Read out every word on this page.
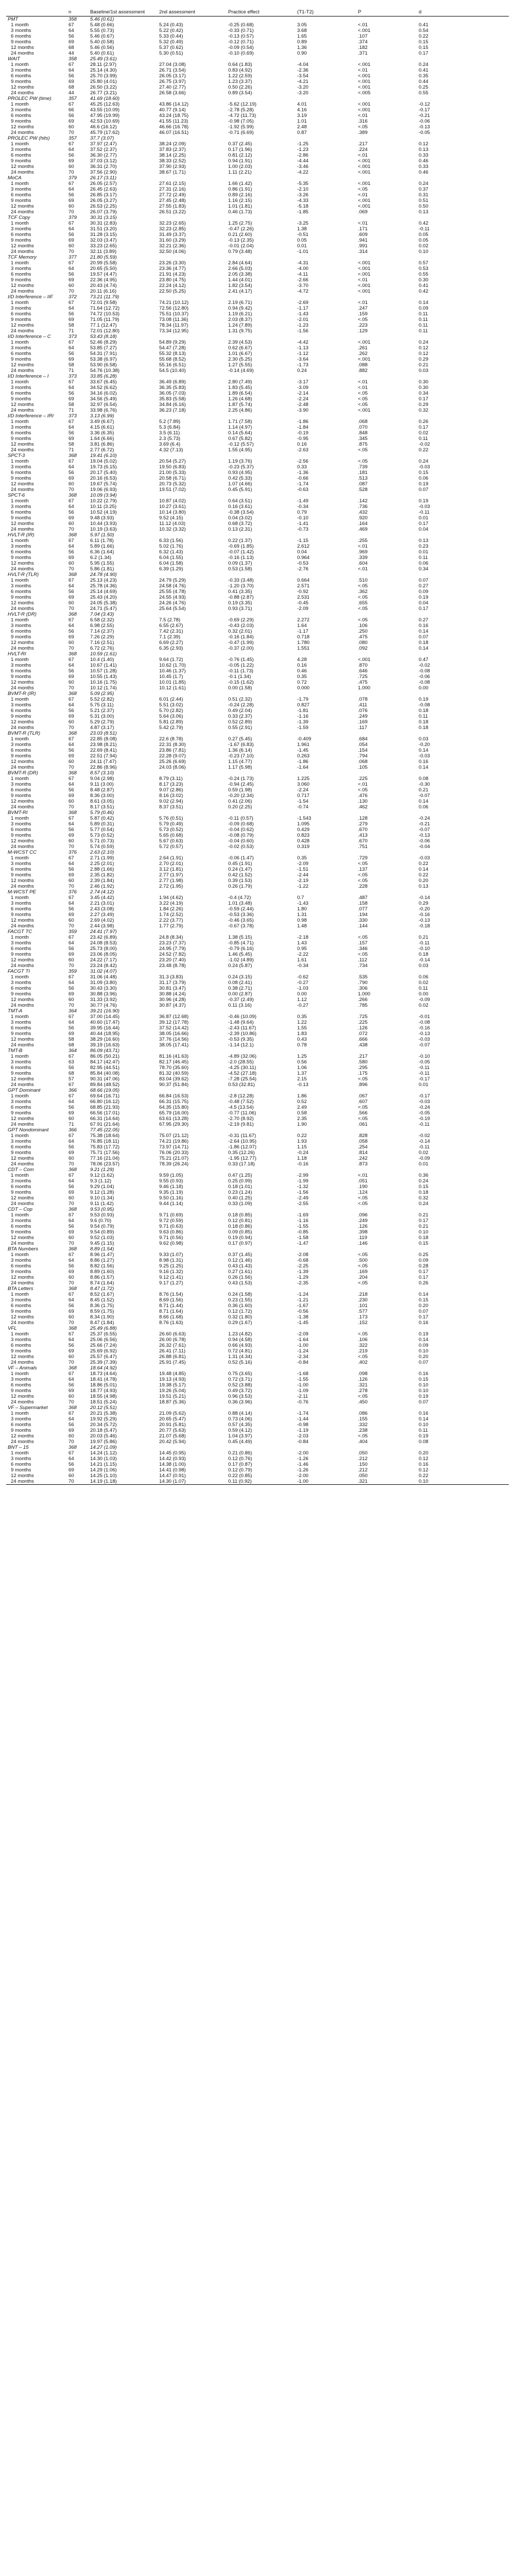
	n	Baseline/1st assessment	2nd assessment	Practice effect	(T1-T2)	P	d
PMT	358	5.46 (0.61)					
1 month	67	5.48 (0.66)	5.24 (0.43)	-0.25 (0.68)	3.05	<.01	0.41
3 months	64	5.55 (0.73)	5.22 (0.42)	-0.33 (0.71)	3.68	<.001	0.54
6 months	56	5.46 (0.67)	5.33 (0.44)	-0.13 (0.57)	1.65	.107	0.22
9 months	69	5.40 (0.58)	5.32 (0.49)	-0.12 (0.71)	0.89	.374	0.15
12 months	68	5.46 (0.56)	5.37 (0.62)	-0.09 (0.54)	1.36	.182	0.15
24 months	44	5.40 (0.61)	5.30 (0.51)	-0.10 (0.69)	0.90	.371	0.17
WAIT	358	25.49 (3.61)					
1 month	67	28.11 (2.97)	27.04 (3.08)	0.64 (1.83)	-4.04	<.001	0.24
3 months	64	25.14 (4.30)	26.71 (3.54)	0.83 (4.92)	-2.36	<.01	0.41
6 months	56	25.70 (3.99)	26.05 (3.17)	1.22 (2.59)	-3.54	<.001	0.35
9 months	69	25.80 (4.01)	26.75 (3.97)	1.23 (3.37)	-4.21	<.001	0.44
12 months	68	26.50 (3.22)	27.40 (2.77)	0.50 (2.26)	-3.20	<.001	0.25
24 months	44	26.77 (3.21)	26.58 (3.66)	0.89 (3.54)	-3.20	<.005	0.55
PROLEC PW (time)	357	41.69 (18.60)					
1 month	67	45.25 (12.63)	43.86 (14.12)	-5.62 (12.19)	4.01	<.001	-0.12
3 months	66	43.55 (10.09)	40.77 (9.14)	-2.78 (5.28)	4.16	<.001	-0.17
6 months	56	47.95 (19.99)	43.24 (18.75)	-4.72 (11.73)	3.19	<.01	-0.21
9 months	69	42.53 (10.69)	41.55 (11.23)	-0.98 (7.05)	1.01	.316	-0.06
12 months	60	46.6 (16.12)	46.66 (16.78)	-1.92 (5.99)	2.48	<.05	-0.13
24 months	70	45.79 (17.62)	46.07 (16.51)	-0.71 (6.69)	0.87	.389	-0.05
PROLEC PW (hits)	357	37.7 (3.07)					
1 month	67	37.97 (2.47)	38.24 (2.09)	0.37 (2.45)	-1.25	.217	0.12
3 months	64	37.52 (2.37)	37.83 (2.37)	0.17 (1.96)	-1.23	.224	0.13
6 months	56	36.30 (2.77)	38.14 (2.25)	0.81 (2.12)	-2.86	<.01	0.33
9 months	69	37.03 (3.12)	38.33 (2.52)	0.94 (1.91)	-4.44	<.001	0.46
12 months	60	36.31 (2.70)	37.90 (2.93)	1.00 (2.03)	-3.46	<.001	0.33
24 months	70	37.56 (2.90)	38.67 (1.71)	1.11 (2.21)	-4.22	<.001	0.46
MoCA	379	26.17 (3.11)					
1 month	67	26.05 (2.57)	27.61 (2.15)	1.66 (1.42)	-5.35	<.001	0.24
3 months	64	26.45 (2.63)	27.31 (2.16)	0.86 (1.91)	-2.10	<.05	0.37
6 months	56	26.85 (3.17)	27.72 (2.49)	0.89 (2.16)	-3.26	<.01	0.31
9 months	69	26.05 (3.27)	27.45 (2.48)	1.16 (2.15)	-4.33	<.001	0.51
12 months	60	26.53 (2.25)	27.55 (1.83)	1.01 (1.81)	-5.18	<.001	0.50
24 months	70	26.07 (3.79)	26.51 (3.22)	0.46 (1.73)	-1.85	.069	0.13
TCF Copy	379	30.31 (3.15)					
1 month	67	30.31 (2.83)	32.23 (2.65)	1.25 (2.75)	-3.25	<.01	0.42
3 months	64	31.51 (3.20)	32.23 (2.85)	-0.47 (2.26)	1.38	.171	-0.11
6 months	56	31.28 (3.15)	31.49 (3.37)	0.21 (2.60)	-0.51	.609	0.05
9 months	69	32.03 (3.47)	31.60 (3.29)	-0.13 (2.35)	0.05	.941	0.05
12 months	60	33.23 (2.65)	32.21 (2.36)	-0.01 (2.04)	0.01	.991	0.02
24 months	70	32.11 (3.89)	32.50 (4.06)	0.79 (3.48)	-1.01	.314	0.10
TCF Memory	377	21.80 (5.59)					
1 month	67	20.99 (5.58)	23.26 (3.30)	2.84 (4.64)	-4.31	<.001	0.57
3 months	64	20.65 (5.50)	23.36 (4.77)	2.66 (5.03)	-4.00	<.001	0.53
6 months	56	19.57 (4.47)	21.91 (4.23)	2.05 (3.38)	-4.11	<.001	0.55
9 months	69	22.36 (4.95)	23.80 (4.75)	1.44 (4.01)	-2.66	<.01	0.30
12 months	60	20.43 (4.74)	22.24 (4.12)	1.82 (3.54)	-3.70	<.001	0.41
24 months	70	20.11 (6.16)	22.50 (5.25)	2.41 (4.17)	-4.72	<.001	0.42
I/D Interference – IIF	372	73.21 (11.79)					
1 month	67	72.01 (9.58)	74.21 (10.12)	2.19 (6.71)	-2.69	<.01	0.14
3 months	64	71.64 (12.72)	72.56 (12.80)	0.94 (9.42)	-1.17	.247	0.09
6 months	56	74.72 (10.53)	75.51 (10.37)	1.19 (6.21)	-1.43	.159	0.11
9 months	69	71.05 (11.79)	73.08 (11.36)	2.03 (8.37)	-2.01	<.05	0.11
12 months	58	77.1 (12.47)	78.34 (11.97)	1.24 (7.89)	-1.23	.223	0.11
24 months	71	72.01 (12.80)	73.34 (12.95)	1.31 (9.75)	-1.56	.129	0.11
I/D Interference – C	373	53.43 (8.18)					
1 month	67	52.46 (8.29)	54.89 (9.29)	2.39 (4.53)	-4.42	<.001	0.24
3 months	64	53.85 (7.27)	54.47 (7.28)	0.62 (6.67)	-1.13	.261	0.12
6 months	56	54.31 (7.91)	55.32 (8.13)	1.01 (6.67)	-1.12	.262	0.12
9 months	69	53.38 (6.97)	55.68 (8.52)	2.30 (5.25)	-3.64	<.001	0.29
12 months	58	53.90 (6.58)	55.16 (6.51)	1.27 (5.55)	-1.73	.088	0.21
24 months	71	54.76 (10.38)	54.5 (10.40)	-0.14 (4.69)	0.24	.882	0.03
I/D Interference – I	373	33.85 (6.28)					
1 month	67	33.67 (6.45)	36.49 (6.89)	2.80 (7.49)	-3.17	<.01	0.30
3 months	64	34.52 (6.62)	36.35 (5.83)	1.83 (5.45)	-3.09	<.01	0.30
6 months	56	34.16 (6.02)	36.05 (7.03)	1.89 (6.54)	-2.14	<.05	0.34
9 months	69	34.56 (5.49)	35.83 (5.58)	1.26 (4.68)	-2.24	<.05	0.17
12 months	58	32.97 (6.54)	34.84 (6.16)	1.87 (5.74)	-2.48	<.05	0.29
24 months	71	33.98 (6.76)	36.23 (7.18)	2.25 (4.86)	-3.90	<.001	0.32
I/D Interference – IRI	373	3.13 (6.99)					
1 month	67	3.49 (6.67)	5.2 (7.89)	1.71 (7.58)	-1.86	.068	0.26
3 months	64	4.15 (6.61)	5.3 (6.84)	1.14 (4.97)	-1.84	.070	0.17
6 months	56	3.36 (6.35)	3.5 (6.11)	0.14 (5.64)	-0.19	.848	0.02
9 months	69	1.64 (6.66)	2.3 (5.73)	0.67 (5.82)	-0.95	.345	0.11
12 months	58	3.81 (6.86)	3.69 (6.4)	-0.12 (5.57)	0.16	.875	-0.02
24 months	71	2.77 (6.72)	4.32 (7.13)	1.55 (4.95)	-2.63	<.05	0.22
SPCT-3	368	19.41 (6.10)					
1 month	67	19.04 (5.02)	20.54 (5.27)	1.19 (3.76)	-2.56	<.05	0.24
3 months	64	19.73 (6.15)	19.50 (6.83)	-0.23 (5.37)	0.33	.739	-0.03
6 months	56	20.17 (5.40)	21.00 (5.33)	0.93 (4.95)	-1.36	.181	0.15
9 months	69	20.16 (6.53)	20.58 (6.71)	0.42 (5.33)	-0.66	.513	0.06
12 months	60	19.67 (5.74)	20.73 (5.32)	1.07 (4.66)	-1.74	.087	0.19
24 months	70	19.06 (6.93)	19.51 (7.02)	0.45 (5.91)	-0.63	.528	0.07
SPCT-6	368	10.09 (3.94)					
1 month	67	10.22 (2.79)	10.87 (4.02)	0.64 (3.51)	-1.49	.142	0.19
3 months	64	10.11 (3.25)	10.27 (3.61)	0.16 (3.61)	-0.34	.736	-0.03
6 months	56	10.52 (4.19)	10.14 (3.80)	-0.38 (3.54)	0.79	.432	-0.11
9 months	69	9.48 (3.93)	9.52 (4.15)	0.04 (3.02)	-0.10	.920	0.01
12 months	60	10.44 (3.93)	11.12 (4.03)	0.68 (3.72)	-1.41	.164	0.17
24 months	70	10.19 (3.63)	10.32 (3.32)	0.13 (2.31)	-0.73	.469	0.04
HVLT-R (IR)	368	5.97 (1.50)					
1 month	67	6.11 (1.78)	6.33 (1.56)	0.22 (1.37)	-1.15	.255	0.13
3 months	64	5.89 (1.66)	5.02 (1.76)	-0.69 (1.85)	2.612	<.01	0.23
6 months	56	6.36 (1.64)	6.32 (1.43)	-0.07 (1.42)	0.04	.969	0.01
9 months	69	6.2 (1.34)	6.04 (1.55)	-0.16 (1.13)	0.964	.339	0.11
12 months	60	5.95 (1.55)	6.04 (1.58)	0.09 (1.37)	-0.53	.604	0.06
24 months	70	5.86 (1.81)	6.39 (1.29)	0.53 (1.58)	-2.76	<.01	0.34
HVLT-R (TLR)	368	24.78 (4.90)					
1 month	67	25.13 (4.23)	24.79 (5.29)	-0.33 (3.48)	0.664	.510	0.07
3 months	64	25.78 (4.36)	24.58 (4.76)	-1.20 (3.70)	2.571	<.05	0.27
6 months	56	25.14 (4.69)	25.55 (4.78)	0.41 (3.35)	-0.92	.362	0.09
9 months	69	25.43 (4.20)	24.55 (4.93)	-0.88 (2.87)	2.531	<.05	0.19
12 months	60	24.05 (5.38)	24.26 (4.76)	0.19 (3.35)	-0.45	.655	0.04
24 months	70	24.71 (5.47)	25.64 (5.54)	0.93 (3.71)	-2.09	<.05	0.17
HVLT-R (DR)	368	7.04 (3.43)					
1 month	67	6.58 (2.32)	7.5 (2.78)	-0.69 (2.29)	2.272	<.05	0.27
3 months	64	6.98 (2.55)	6.55 (2.67)	-0.43 (2.03)	1.64	.106	0.16
6 months	56	7.14 (2.37)	7.42 (2.31)	0.32 (2.01)	-1.17	.250	0.14
9 months	69	7.26 (2.29)	7.1 (2.39)	-0.16 (1.84)	0.718	.475	0.07
12 months	60	7.16 (2.51)	6.69 (2.27)	-0.47 (1.99)	1.780	.080	0.18
24 months	70	6.72 (2.76)	6.35 (2.93)	-0.37 (2.00)	1.551	.092	0.14
HVLT-RI	368	10.59 (1.61)					
1 month	67	10.4 (1.40)	9.64 (1.72)	-0.76 (1.45)	4.28	<.001	0.47
3 months	64	10.67 (1.41)	10.62 (1.70)	-0.05 (1.22)	0.16	.870	-0.02
6 months	56	10.57 (1.28)	10.46 (1.37)	-0.11 (1.73)	0.46	.646	-0.08
9 months	69	10.55 (1.43)	10.45 (1.7)	-0.1 (1.34)	0.35	.725	-0.06
12 months	60	10.16 (1.75)	10.01 (1.85)	-0.15 (1.62)	0.72	.475	-0.08
24 months	70	10.12 (1.74)	10.12 (1.61)	0.00 (1.58)	0.000	1.000	0.00
BVMT-R (IR)	368	5.09 (2.95)					
1 month	67	5.52 (2.82)	6.01 (2.44)	0.51 (2.32)	-1.79	.078	0.19
3 months	64	5.75 (3.11)	5.51 (3.02)	-0.24 (2.28)	0.827	.411	-0.08
6 months	56	5.21 (2.37)	5.70 (2.82)	0.49 (2.04)	-1.81	.076	0.18
9 months	69	5.31 (3.00)	5.64 (3.06)	0.33 (2.37)	-1.16	.249	0.11
12 months	60	5.29 (2.79)	5.81 (2.89)	0.52 (2.89)	-1.39	.169	0.18
24 months	70	4.87 (3.17)	5.42 (2.79)	0.55 (2.91)	-1.59	.117	0.18
BVMT-R (TLR)	368	23.03 (8.51)					
1 month	67	22.85 (8.08)	22.6 (8.78)	0.27 (5.45)	-0.409	.684	0.03
3 months	64	23.98 (8.21)	22.31 (8.30)	-1.67 (6.83)	1.961	.054	-0.20
6 months	56	22.69 (8.41)	23.86 (7.81)	1.36 (6.14)	-1.45	.154	0.14
9 months	69	22.51 (7.94)	22.28 (9.07)	-0.23 (7.10)	0.263	.794	-0.03
12 months	60	24.11 (7.47)	25.26 (6.69)	1.15 (4.77)	-1.86	.068	0.16
24 months	70	22.86 (8.96)	24.03 (8.06)	1.17 (5.98)	-1.64	.105	0.14
BVMT-R (DR)	368	8.57 (3.10)					
1 month	67	9.04 (2.98)	8.79 (3.11)	-0.24 (1.73)	1.225	.225	0.08
3 months	64	9.11 (3.00)	8.17 (3.23)	-0.94 (2.45)	3.060	<.01	-0.30
6 months	56	8.48 (2.87)	9.07 (2.86)	0.59 (1.98)	-2.24	<.05	0.21
9 months	69	8.36 (3.00)	8.16 (3.02)	-0.20 (2.34)	0.717	.476	-0.07
12 months	60	8.61 (3.05)	9.02 (2.94)	0.41 (2.06)	-1.54	.130	0.14
24 months	70	8.17 (3.51)	8.37 (3.51)	0.20 (2.25)	-0.74	.462	0.06
BVMT-RI	368	5.79 (0.46)					
1 month	67	5.87 (0.42)	5.76 (0.51)	-0.11 (0.57)	-1.543	.128	-0.24
3 months	64	5.89 (0.31)	5.79 (0.49)	-0.09 (0.68)	1.095	.279	-0.21
6 months	56	5.77 (0.54)	5.73 (0.52)	-0.04 (0.62)	0.429	.670	-0.07
9 months	69	5.73 (0.52)	5.65 (0.68)	-0.08 (0.79)	0.823	.413	-0.13
12 months	60	5.71 (0.73)	5.67 (0.63)	-0.04 (0.60)	0.428	.670	-0.06
24 months	70	5.74 (0.59)	5.72 (0.57)	-0.02 (0.53)	0.319	.751	-0.04
M-WCST CC	376	2.63 (2.10)					
1 month	67	2.71 (1.99)	2.64 (1.91)	-0.06 (1.47)	0.35	.729	-0.03
3 months	64	2.25 (2.01)	2.70 (2.01)	0.45 (1.91)	-2.09	<.05	0.22
6 months	56	2.88 (1.66)	3.12 (1.81)	0.24 (1.47)	-1.51	.137	0.14
9 months	69	2.35 (1.82)	2.77 (1.97)	0.42 (1.52)	-2.44	<.05	0.22
12 months	60	2.39 (1.84)	2.77 (1.98)	0.39 (1.53)	-2.19	<.05	0.20
24 months	70	2.46 (1.92)	2.72 (1.95)	0.26 (1.79)	-1.22	.228	0.13
M-WCST PE	376	2.74 (4.12)					
1 month	67	3.45 (4.42)	1.94 (4.62)	-0.4 (4.72)	0.7	.487	-0.14
3 months	64	2.21 (3.01)	3.22 (4.19)	1.01 (3.48)	-1.43	.158	0.29
6 months	56	2.43 (3.08)	1.84 (2.26)	-0.59 (2.44)	1.80	.077	-0.20
9 months	69	2.27 (3.49)	1.74 (2.52)	-0.53 (3.36)	1.31	.194	-0.16
12 months	60	2.69 (4.02)	2.22 (3.77)	-0.46 (3.65)	0.98	.330	-0.13
24 months	70	2.44 (3.98)	1.77 (2.79)	-0.67 (3.78)	1.48	.144	-0.18
FACGT TC	359	24.41 (7.97)					
1 month	67	23.42 (6.89)	24.8 (8.34)	1.38 (5.15)	-2.18	<.05	0.21
3 months	64	24.08 (8.53)	23.23 (7.37)	-0.85 (4.71)	1.43	.157	-0.11
6 months	56	25.73 (8.00)	24.95 (7.79)	-0.79 (6.16)	0.95	.346	-0.10
9 months	69	23.06 (8.05)	24.52 (7.82)	1.46 (5.45)	-2.22	<.05	0.18
12 months	60	24.22 (7.17)	23.20 (7.40)	-1.02 (4.89)	1.61	.112	-0.14
24 months	70	23.24 (8.42)	23.48 (8.78)	0.24 (5.87)	-0.34	.734	0.03
FACGT TI	359	31.02 (4.07)					
1 month	67	31.06 (4.48)	31.3 (3.83)	0.24 (3.15)	-0.62	.535	0.06
3 months	64	31.09 (3.80)	31.17 (3.79)	0.08 (2.41)	-0.27	.790	0.02
6 months	56	30.43 (3.30)	30.81 (3.47)	0.38 (2.71)	-1.03	.306	0.11
9 months	69	30.88 (3.96)	30.88 (4.24)	0.00 (2.87)	0.00	1.000	0.00
12 months	60	31.33 (3.92)	30.96 (4.28)	-0.37 (2.49)	1.12	.266	-0.09
24 months	70	30.77 (4.76)	30.87 (4.37)	0.11 (3.16)	-0.27	.785	0.02
TMT-A	364	39.21 (16.90)					
1 month	67	37.00 (14.45)	36.87 (12.68)	-0.46 (10.09)	0.35	.725	-0.01
3 months	64	40.60 (17.47)	39.12 (17.78)	-1.48 (9.64)	1.22	.225	-0.08
6 months	56	39.95 (16.44)	37.52 (14.42)	-2.43 (11.67)	1.55	.126	-0.16
9 months	69	40.44 (18.95)	38.05 (16.66)	-2.39 (10.86)	1.83	.072	-0.13
12 months	58	38.29 (16.60)	37.76 (14.56)	-0.53 (9.35)	0.43	.666	-0.03
24 months	68	39.19 (16.63)	38.05 (17.41)	-1.14 (12.1)	0.78	.438	-0.07
TMT-B	364	86.09 (43.71)					
1 month	67	86.05 (50.21)	81.16 (41.63)	-4.89 (32.06)	1.25	.217	-0.10
3 months	63	84.17 (42.47)	82.17 (46.45)	-2.0 (28.55)	0.56	.580	-0.05
6 months	56	82.95 (44.51)	78.70 (35.60)	-4.25 (30.11)	1.06	.295	-0.11
9 months	68	85.84 (40.08)	81.32 (40.59)	-4.52 (27.18)	1.37	.175	-0.11
12 months	57	90.31 (47.06)	83.04 (39.62)	-7.28 (25.54)	2.15	<.05	-0.17
24 months	67	89.84 (48.52)	90.37 (51.84)	0.53 (32.81)	-0.13	.896	0.01
GPT Dominant	366	68.66 (19.05)					
1 month	67	69.64 (16.71)	66.84 (16.53)	-2.8 (12.28)	1.86	.067	-0.17
3 months	64	66.80 (16.12)	66.31 (15.75)	-0.48 (7.52)	0.52	.607	-0.03
6 months	56	68.85 (21.93)	64.35 (15.80)	-4.5 (13.54)	2.49	<.05	-0.24
9 months	69	66.56 (17.01)	65.79 (16.00)	-0.77 (11.06)	0.58	.566	-0.05
12 months	60	66.31 (14.64)	63.61 (13.28)	-2.70 (8.92)	2.35	<.05	-0.19
24 months	71	67.91 (21.64)	67.95 (29.30)	-2.19 (9.81)	1.90	.061	-0.11
GPT Nondominant	366	77.45 (22.05)					
1 month	67	75.38 (18.64)	75.07 (21.12)	-0.31 (11.67)	0.22	.828	-0.02
3 months	64	76.85 (18.11)	74.21 (19.86)	-2.64 (10.95)	1.93	.058	-0.14
6 months	56	75.83 (17.72)	73.97 (14.71)	-1.86 (12.07)	1.15	.254	-0.11
9 months	69	75.71 (17.56)	76.06 (20.33)	0.35 (12.26)	-0.24	.814	0.02
12 months	60	77.16 (21.04)	75.21 (21.07)	-1.95 (12.77)	1.18	.242	-0.09
24 months	70	78.06 (23.57)	78.39 (26.24)	0.33 (17.18)	-0.16	.873	0.01
CDT – Com	368	9.21 (1.29)					
1 month	67	9.12 (1.62)	9.59 (1.05)	0.47 (1.25)	-2.99	<.01	0.36
3 months	64	9.3 (1.12)	9.55 (0.93)	0.25 (0.99)	-1.99	.051	0.24
6 months	56	9.29 (1.04)	9.46 (1.18)	0.18 (1.01)	-1.32	.190	0.15
9 months	69	9.12 (1.28)	9.35 (1.19)	0.23 (1.24)	-1.56	.124	0.18
12 months	60	9.10 (1.34)	9.50 (1.16)	0.40 (1.25)	-2.49	<.05	0.32
24 months	70	9.11 (1.42)	9.44 (1.14)	0.33 (1.09)	-2.55	<.05	0.24
CDT – Cop	368	9.53 (0.95)					
1 month	67	9.53 (0.93)	9.71 (0.69)	0.18 (0.85)	-1.69	.096	0.21
3 months	64	9.6 (0.70)	9.72 (0.59)	0.12 (0.81)	-1.16	.249	0.17
6 months	56	9.54 (0.79)	9.71 (0.63)	0.18 (0.86)	-1.55	.126	0.21
9 months	69	9.54 (0.89)	9.63 (0.86)	0.09 (0.85)	-0.85	.398	0.10
12 months	60	9.52 (1.03)	9.71 (0.56)	0.19 (0.94)	-1.58	.119	0.18
24 months	70	9.45 (1.15)	9.62 (0.98)	0.17 (0.97)	-1.47	.146	0.15
BTA Numbers	368	8.89 (1.54)					
1 month	67	8.96 (1.47)	9.33 (1.07)	0.37 (1.45)	-2.08	<.05	0.25
3 months	64	8.86 (1.27)	8.98 (1.31)	0.12 (1.46)	-0.68	.500	0.09
6 months	56	8.82 (1.56)	9.25 (1.25)	0.43 (1.43)	-2.25	<.05	0.28
9 months	69	8.89 (1.60)	9.16 (1.32)	0.27 (1.61)	-1.39	.169	0.17
12 months	60	8.86 (1.57)	9.12 (1.41)	0.26 (1.56)	-1.29	.204	0.17
24 months	70	8.74 (1.64)	9.17 (1.27)	0.43 (1.53)	-2.35	<.05	0.26
BTA Letters	368	8.47 (1.72)					
1 month	67	8.52 (1.67)	8.76 (1.54)	0.24 (1.58)	-1.24	.218	0.14
3 months	64	8.45 (1.52)	8.69 (1.56)	0.23 (1.55)	-1.21	.230	0.15
6 months	56	8.36 (1.75)	8.71 (1.44)	0.36 (1.60)	-1.67	.101	0.20
9 months	69	8.59 (1.75)	8.71 (1.64)	0.12 (1.72)	-0.56	.577	0.07
12 months	60	8.34 (1.90)	8.66 (1.68)	0.32 (1.80)	-1.38	.173	0.17
24 months	70	8.47 (1.84)	8.76 (1.63)	0.29 (1.67)	-1.45	.152	0.16
VFL	368	25.49 (6.88)					
1 month	67	25.37 (6.55)	26.60 (6.63)	1.23 (4.82)	-2.09	<.05	0.19
3 months	64	25.06 (6.56)	26.00 (6.78)	0.94 (4.58)	-1.64	.106	0.14
6 months	56	25.66 (7.24)	26.32 (7.61)	0.66 (4.93)	-1.00	.322	0.09
9 months	69	25.69 (6.92)	26.41 (7.11)	0.72 (4.81)	-1.24	.219	0.10
12 months	60	25.57 (6.47)	26.88 (6.81)	1.31 (4.34)	-2.34	<.05	0.20
24 months	70	25.39 (7.39)	25.91 (7.45)	0.52 (5.16)	-0.84	.402	0.07
VF – Animals	368	18.64 (4.92)					
1 month	67	18.73 (4.64)	19.48 (4.85)	0.75 (3.65)	-1.68	.098	0.16
3 months	64	18.41 (4.78)	19.13 (4.93)	0.72 (3.71)	-1.55	.126	0.15
6 months	56	18.86 (5.01)	19.38 (5.17)	0.52 (3.88)	-1.00	.321	0.10
9 months	69	18.77 (4.93)	19.26 (5.04)	0.49 (3.72)	-1.09	.278	0.10
12 months	60	18.55 (4.98)	19.51 (5.21)	0.96 (3.53)	-2.11	<.05	0.19
24 months	70	18.51 (5.24)	18.87 (5.36)	0.36 (3.96)	-0.76	.450	0.07
VF – Supermarket	368	20.12 (5.51)					
1 month	67	20.21 (5.38)	21.09 (5.62)	0.88 (4.14)	-1.74	.086	0.16
3 months	64	19.92 (5.29)	20.65 (5.47)	0.73 (4.06)	-1.44	.155	0.14
6 months	56	20.34 (5.72)	20.91 (5.81)	0.57 (4.35)	-0.98	.332	0.10
9 months	69	20.18 (5.47)	20.77 (5.63)	0.59 (4.12)	-1.19	.238	0.11
12 months	60	20.03 (5.46)	21.07 (5.68)	1.04 (3.97)	-2.03	<.05	0.19
24 months	70	19.97 (5.86)	20.42 (5.94)	0.45 (4.49)	-0.84	.404	0.08
BNT – 15	368	14.27 (1.09)					
1 month	67	14.24 (1.12)	14.45 (0.95)	0.21 (0.86)	-2.00	.050	0.20
3 months	64	14.30 (1.03)	14.42 (0.93)	0.12 (0.76)	-1.26	.212	0.12
6 months	56	14.21 (1.15)	14.38 (1.00)	0.17 (0.87)	-1.46	.150	0.16
9 months	69	14.29 (1.06)	14.41 (0.98)	0.12 (0.79)	-1.26	.212	0.12
12 months	60	14.25 (1.10)	14.47 (0.91)	0.22 (0.85)	-2.00	.050	0.22
24 months	70	14.19 (1.18)	14.30 (1.07)	0.11 (0.92)	-1.00	.321	0.10
